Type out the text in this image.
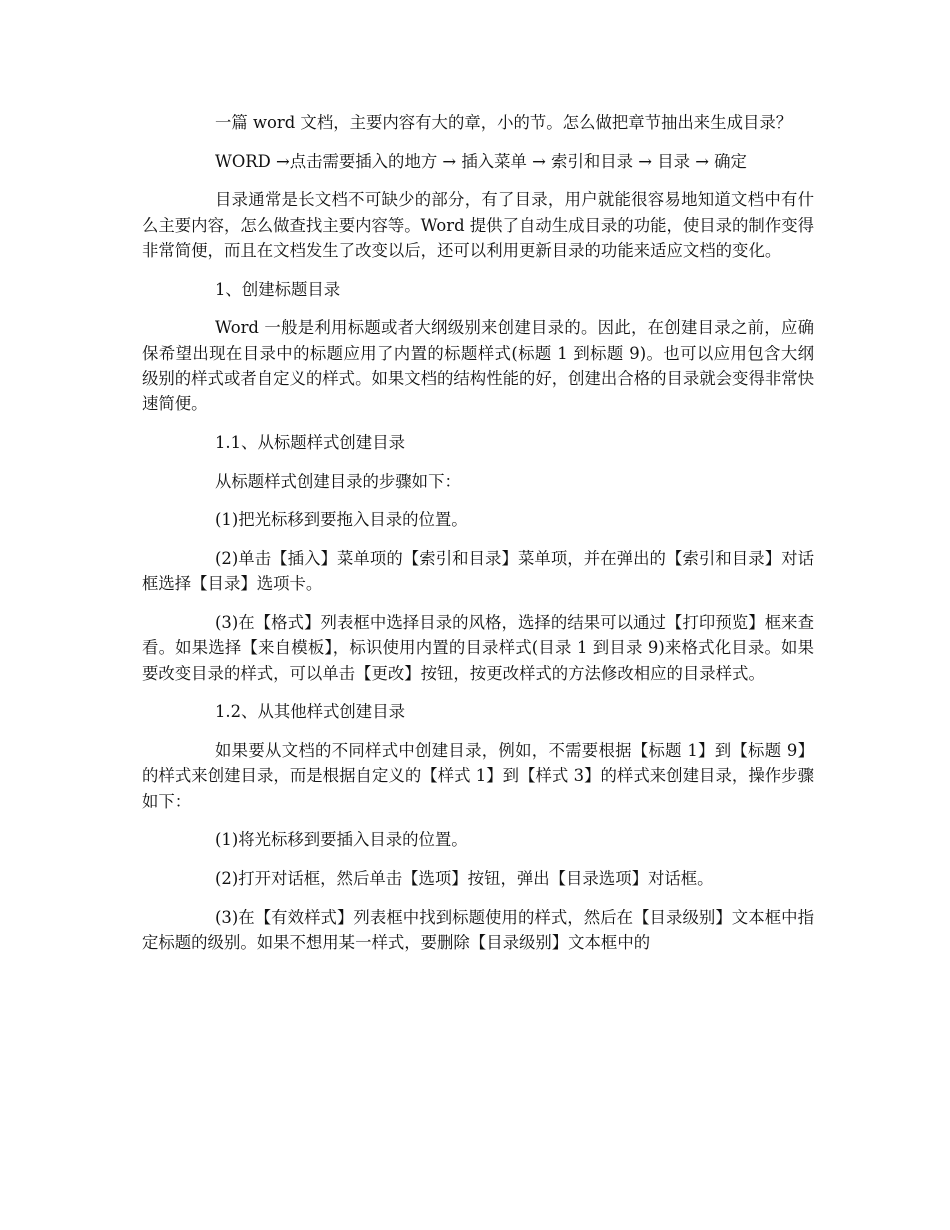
一篇 word 文档，主要内容有大的章，小的节。怎么做把章节抽出来生成目录？

WORD →点击需要插入的地方 → 插入菜单 → 索引和目录 → 目录 → 确定

目录通常是长文档不可缺少的部分，有了目录，用户就能很容易地知道文档中有什么主要内容，怎么做查找主要内容等。Word 提供了自动生成目录的功能，使目录的制作变得非常简便，而且在文档发生了改变以后，还可以利用更新目录的功能来适应文档的变化。

1、创建标题目录

Word 一般是利用标题或者大纲级别来创建目录的。因此，在创建目录之前，应确保希望出现在目录中的标题应用了内置的标题样式(标题 1 到标题 9)。也可以应用包含大纲级别的样式或者自定义的样式。如果文档的结构性能的好，创建出合格的目录就会变得非常快速简便。

1.1、从标题样式创建目录

从标题样式创建目录的步骤如下：

(1)把光标移到要拖入目录的位置。

(2)单击【插入】菜单项的【索引和目录】菜单项，并在弹出的【索引和目录】对话框选择【目录】选项卡。

(3)在【格式】列表框中选择目录的风格，选择的结果可以通过【打印预览】框来查看。如果选择【来自模板】，标识使用内置的目录样式(目录 1 到目录 9)来格式化目录。如果要改变目录的样式，可以单击【更改】按钮，按更改样式的方法修改相应的目录样式。

1.2、从其他样式创建目录

如果要从文档的不同样式中创建目录，例如，不需要根据【标题 1】到【标题 9】的样式来创建目录，而是根据自定义的【样式 1】到【样式 3】的样式来创建目录，操作步骤如下：

(1)将光标移到要插入目录的位置。

(2)打开对话框，然后单击【选项】按钮，弹出【目录选项】对话框。

(3)在【有效样式】列表框中找到标题使用的样式，然后在【目录级别】文本框中指定标题的级别。如果不想用某一样式，要删除【目录级别】文本框中的
